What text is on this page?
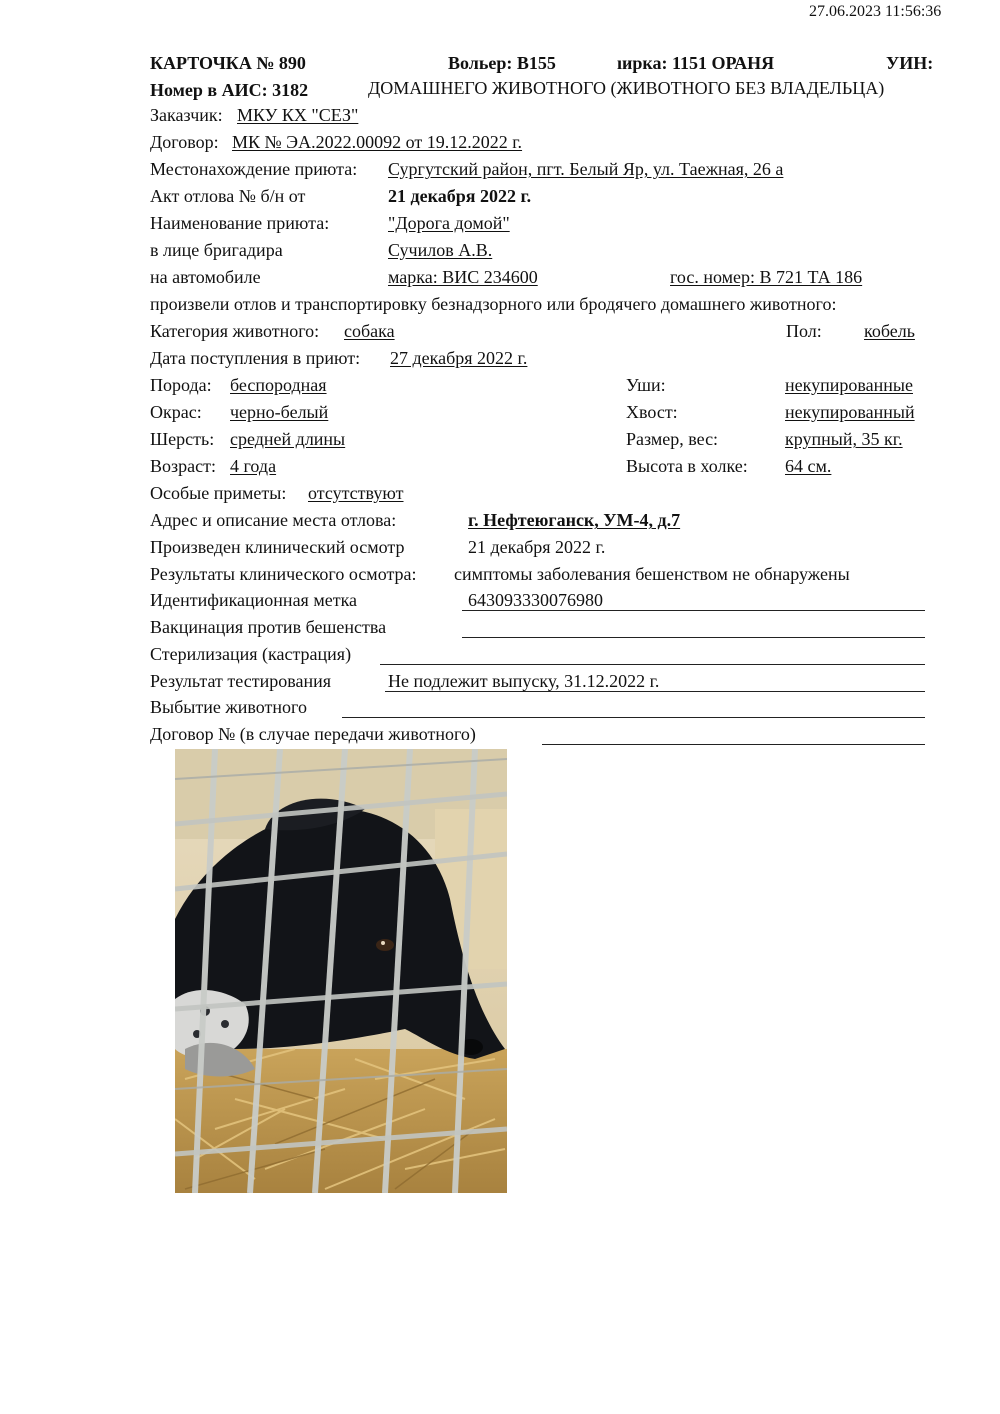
27.06.2023 11:56:36
КАРТОЧКА № 890	Вольер: В155	ıирка: 1151 ОРАНЯ	УИН:
Номер в АИС: 3182	ДОМАШНЕГО ЖИВОТНОГО (ЖИВОТНОГО БЕЗ ВЛАДЕЛЬЦА)
Заказчик: МКУ КХ "СЕЗ"
Договор: МК № ЭА.2022.00092 от 19.12.2022 г.
Местонахождение приюта: Сургутский район, пгт. Белый Яр, ул. Таежная, 26 а
Акт отлова № б/н от	21 декабря 2022 г.
Наименование приюта:	"Дорога домой"
в лице бригадира	Сучилов А.В.
на автомобиле	марка: ВИС 234600	гос. номер: В 721 ТА 186
произвели отлов и транспортировку безнадзорного или бродячего домашнего животного:
Категория животного: собака	Пол: кобель
Дата поступления в приют: 27 декабря 2022 г.
Порода: беспородная	Уши:	некупированные
Окрас: черно-белый	Хвост:	некупированный
Шерсть: средней длины	Размер, вес:	крупный, 35 кг.
Возраст: 4 года	Высота в холке: 64 см.
Особые приметы: отсутствуют
Адрес и описание места отлова:	г. Нефтеюганск, УМ-4, д.7
Произведен клинический осмотр	21 декабря 2022 г.
Результаты клинического осмотра: симптомы заболевания бешенством не обнаружены
Идентификационная метка	643093330076980
Вакцинация против бешенства
Стерилизация (кастрация)
Результат тестирования	Не подлежит выпуску, 31.12.2022 г.
Выбытие животного
Договор № (в случае передачи животного)
